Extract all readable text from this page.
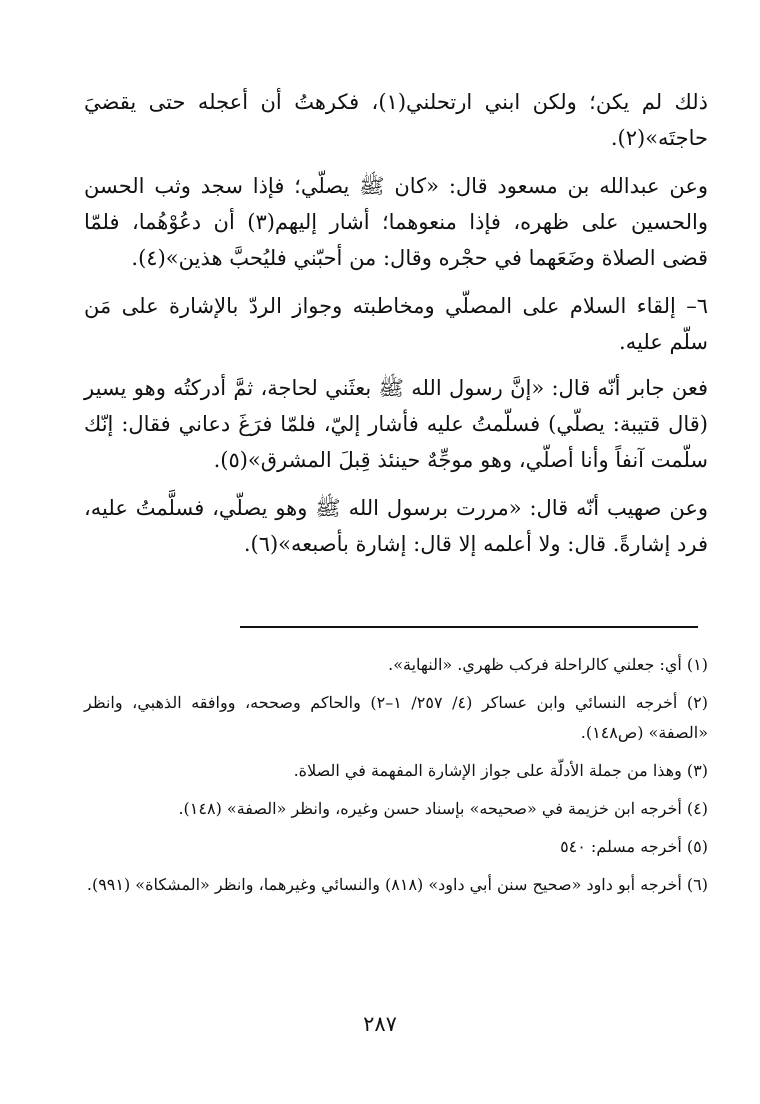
ذلك لم يكن؛ ولكن ابني ارتحلني(١)، فكرهتُ أن أعجله حتى يقضيَ حاجتَه»(٢).

وعن عبدالله بن مسعود قال: «كان ﷺ يصلّي؛ فإذا سجد وثب الحسن والحسين على ظهره، فإذا منعوهما؛ أشار إليهم(٣) أن دعُوْهُما، فلمّا قضى الصلاة وضَعَهما في حجْره وقال: من أحبّني فليُحبَّ هذين»(٤).

٦– إلقاء السلام على المصلّي ومخاطبته وجواز الردّ بالإشارة على مَن سلّم عليه.

فعن جابر أنّه قال: «إنَّ رسول الله ﷺ بعثَني لحاجة، ثمَّ أدركتُه وهو يسير (قال قتيبة: يصلّي) فسلّمتُ عليه فأشار إليّ، فلمّا فرَغَ دعاني فقال: إنّك سلّمت آنفاً وأنا أصلّي، وهو موجِّهٌ حينئذ قِبلَ المشرق»(٥).

وعن صهيب أنّه قال: «مررت برسول الله ﷺ وهو يصلّي، فسلَّمتُ عليه، فرد إشارةً. قال: ولا أعلمه إلا قال: إشارة بأصبعه»(٦).

(١) أي: جعلني كالراحلة فركب ظهري. «النهاية».

(٢) أخرجه النسائي وابن عساكر (٤/ ٢٥٧/ ١–٢) والحاكم وصححه، ووافقه الذهبي، وانظر «الصفة» (ص١٤٨).

(٣) وهذا من جملة الأدلّة على جواز الإشارة المفهمة في الصلاة.

(٤) أخرجه ابن خزيمة في «صحيحه» بإسناد حسن وغيره، وانظر «الصفة» (١٤٨).

(٥) أخرجه مسلم: ٥٤٠

(٦) أخرجه أبو داود «صحيح سنن أبي داود» (٨١٨) والنسائي وغيرهما، وانظر «المشكاة» (٩٩١).

٢٨٧
